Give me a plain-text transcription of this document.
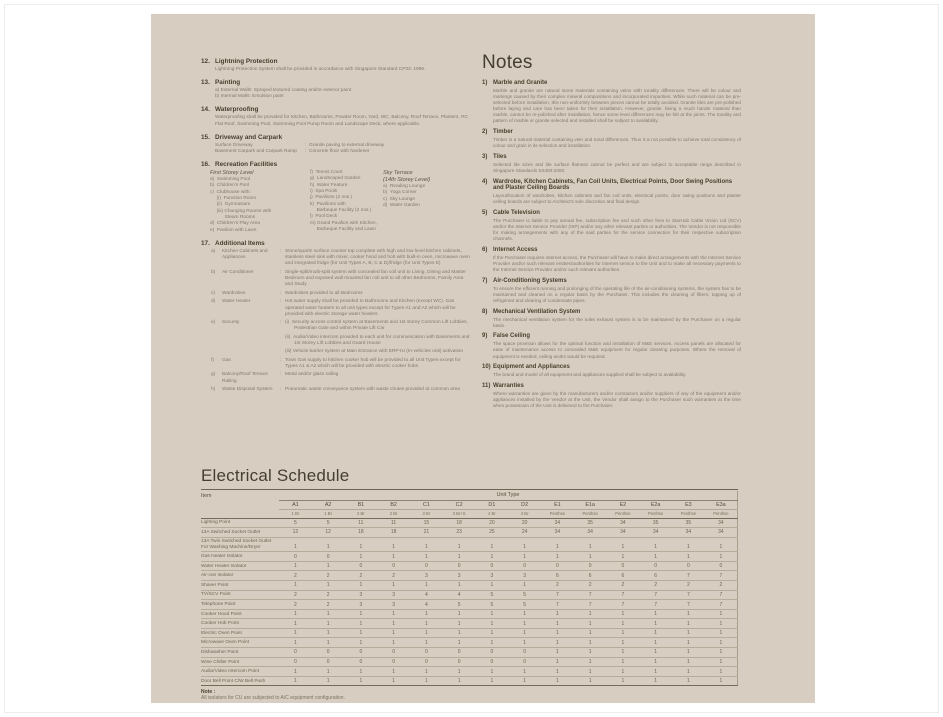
12. Lightning Protection
Lightning Protection System shall be provided in accordance with Singapore Standard CP33: 1996.
13. Painting
a) External Walls: Sprayed textured coating and/or exterior paint
b) Internal Walls: Emulsion paint
14. Waterproofing
Waterproofing shall be provided for Kitchen, Bathrooms, Powder Room, Yard, WC, Balcony, Roof Terrace, Planters, RC Flat Roof, Swimming Pool, Swimming Pool Pump Room and Landscape Deck, where applicable.
15. Driveway and Carpark
Surface Driveway	: Granite paving to external driveway
Basement Carpark and Carpark Ramp	: Concrete floor with hardener
16. Recreation Facilities
First Storey Level
a)  Swimming Pool
b)  Children's Pool
c)  Clubhouse with:
(i)  Function Room
(ii)  Gymnasium
(iii) Changing Rooms with
Steam Rooms
d)  Children's Play Area
e)  Pavilion with Lawn
f)  Tennis Court
g)  Landscaped Garden
h)  Water Feature
i)  Spa Pools
j)  Pavilions (2 nos.)
k)  Pavilions with
Barbeque Facility (2 nos.)
l)  Pool Deck
m) Grand Pavilion with Kitchen,
Barbeque Facility and Lawn
Sky Terrace
(14th Storey Level)
a)  Reading Lounge
b)  Yoga Corner
c)  Sky Lounge
d)  Water Garden
17. Additional Items
a)	Kitchen Cabinets and Appliances
: Stone/quartz surface counter top complete with high and low level kitchen cabinets, stainless steel sink with mixer, cooker hood and hob with built-in oven, microwave oven and integrated fridge (for Unit Types A, B, C & D)/fridge (for Unit Types E)
b)	Air Conditioner	: Single-split/multi-split system with concealed fan coil unit to Living, Dining and Master Bedroom and exposed wall mounted fan coil unit to all other Bedrooms, Family Area and Study
c)	Wardrobes	: Wardrobes provided to all Bedrooms
d)	Water Heater	: Hot water supply shall be provided to Bathrooms and Kitchen (except WC). Gas operated water heaters to all unit types except for Types A1 and A2 which will be provided with electric storage water heaters.
e)	Security	: (i)  Security access control system at Basements and 1st storey Common Lift Lobbies, Pedestrian Gate and within Private Lift Car
(ii)  Audio/Video intercom provided to each unit for communication with Basements and 1st Storey Lift Lobbies and Guard House
(iii) Vehicle barrier system at Main Entrance with ERP-IU (In-vehicles unit) activation
f)	Gas	: Town Gas supply to kitchen cooker hob will be provided to all Unit Types except for Types A1 & A2 which will be provided with electric cooker hobs
g)	Balcony/Roof Terrace Railing
: Metal and/or glass railing
h)	Waste Disposal System	: Pneumatic waste conveyance system with waste chutes provided at common area
Notes
1) Marble and Granite
Marble and granite are natural stone materials containing veins with tonality differences. There will be colour and markings caused by their complex mineral compositions and incorporated impurities. While such material can be pre-selected before installation, this non-uniformity between pieces cannot be totally avoided. Granite tiles are pre-polished before laying and care has been taken for their installation. However, granite, being a much harder material than marble, cannot be re-polished after installation, hence some level differences may be felt at the joints. The tonality and pattern of marble or granite selected and installed shall be subject to availability.
2) Timber
Timber is a natural material containing vein and tonal differences. Thus it is not possible to achieve total consistency of colour and grain in its selection and installation.
3) Tiles
Selected tile sizes and tile surface flatness cannot be perfect and are subject to acceptable range described in Singapore Standards SS483:2000.
4) Wardrobe, Kitchen Cabinets, Fan Coil Units, Electrical Points, Door Swing Positions and Plaster Ceiling Boards
Layout/location of wardrobes, kitchen cabinets and fan coil units, electrical points, door swing positions and plaster ceiling boards are subject to Architect's sole discretion and final design.
5) Cable Television
The Purchaser is liable to pay annual fee, subscription fee and such other fees to StarHub Cable Vision Ltd (SCV) and/or the Internet Service Provider (ISP) and/or any other relevant parties or authorities. The Vendor is not responsible for making arrangements with any of the said parties for the service connection for their respective subscription channels.
6) Internet Access
If the Purchaser requires internet access, the Purchaser will have to make direct arrangements with the Internet Service Provider and/or such relevant entities/authorities for internet service to the Unit and to make all necessary payments to the Internet Service Provider and/or such relevant authorities.
7) Air-Conditioning Systems
To ensure the efficient running and prolonging of the operating life of the air-conditioning systems, the system has to be maintained and cleaned on a regular basis by the Purchaser. This includes the cleaning of filters, topping up of refrigerant and clearing of condensate pipes.
8) Mechanical Ventilation System
The mechanical ventilation system for the toilet exhaust system is to be maintained by the Purchaser on a regular basis.
9) False Ceiling
The space provision allows for the optimal function and installation of M&E services. Access panels are allocated for ease of maintenance access to concealed M&E equipment for regular cleaning purposes. Where the removal of equipment is needed, ceiling works would be required.
10) Equipment and Appliances
The brand and model of all equipment and appliances supplied shall be subject to availability.
11) Warranties
Where warranties are given by the manufacturers and/or contractors and/or suppliers of any of the equipment and/or appliances installed by the Vendor at the Unit, the Vendor shall assign to the Purchaser such warranties at the time when possession of the Unit is delivered to the Purchaser.
Electrical Schedule
Item	Unit Type													
	A1	A2	B1	B2	C1	C2	D1	D2	E1	E1a	E2	E2a	E3	E3a
	1 Br	1 Br	2 Br	2 Br	3 Br	3 Br+S	4 Br	4 Br	Penthse	Penthse	Penthse	Penthse	Penthse	Penthse
Lighting Point	5	5	11	11	15	18	20	20	34	35	34	35	35	34
13A Switched Socket Outlet	12	12	18	18	21	23	25	24	34	34	34	34	34	34
13A Twin Switched Socket Outlet For Washing Machine/Dryer	1	1	1	1	1	1	1	1	1	1	1	1	1	1
Gas Heater Isolator	0	0	1	1	1	1	1	1	1	1	1	1	1	1
Water Heater Isolator	1	1	0	0	0	0	0	0	0	0	0	0	0	0
Air-con Isolator	2	2	2	2	3	3	3	3	6	6	6	6	7	7
Shaver Point	1	1	1	1	1	1	1	1	2	2	2	2	2	2
TV/SCV Point	2	2	3	3	4	4	5	5	7	7	7	7	7	7
Telephone Point	2	2	3	3	4	5	5	5	7	7	7	7	7	7
Cooker Hood Point	1	1	1	1	1	1	1	1	1	1	1	1	1	1
Cooker Hob Point	1	1	1	1	1	1	1	1	1	1	1	1	1	1
Electric Oven Point	1	1	1	1	1	1	1	1	1	1	1	1	1	1
Microwave Oven Point	1	1	1	1	1	1	1	1	1	1	1	1	1	1
Dishwasher Point	0	0	0	0	0	0	0	0	1	1	1	1	1	1
Wine Chiller Point	0	0	0	0	0	0	0	0	1	1	1	1	1	1
Audio/Video Intercom Point	1	1	1	1	1	1	1	1	1	1	1	1	1	1
Door Bell Point C/W Bell Push	1	1	1	1	1	1	1	1	1	1	1	1	1	1
Note :
All isolators for CU are subjected to A/C equipment configuration.
